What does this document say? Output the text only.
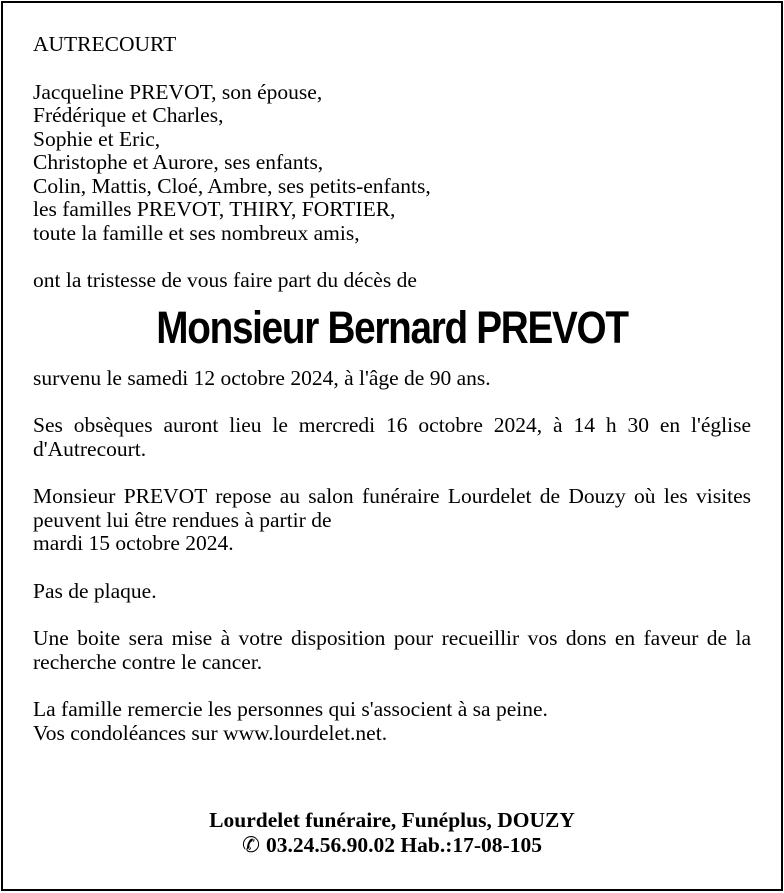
AUTRECOURT
Jacqueline PREVOT, son épouse,
Frédérique et Charles,
Sophie et Eric,
Christophe et Aurore, ses enfants,
Colin, Mattis, Cloé, Ambre, ses petits-enfants,
les familles PREVOT, THIRY, FORTIER,
toute la famille et ses nombreux amis,
ont la tristesse de vous faire part du décès de
Monsieur Bernard PREVOT

survenu le samedi 12 octobre 2024, à l'âge de 90 ans.

Ses obsèques auront lieu le mercredi 16 octobre 2024, à 14 h 30 en l'église d'Autrecourt.

Monsieur PREVOT repose au salon funéraire Lourdelet de Douzy où les visites peuvent lui être rendues à partir de
mardi 15 octobre 2024.

Pas de plaque.

Une boite sera mise à votre disposition pour recueillir vos dons en faveur de la recherche contre le cancer.

La famille remercie les personnes qui s'associent à sa peine.
Vos condoléances sur www.lourdelet.net.

Lourdelet funéraire, Funéplus, DOUZY
✆ 03.24.56.90.02 Hab.:17-08-105
